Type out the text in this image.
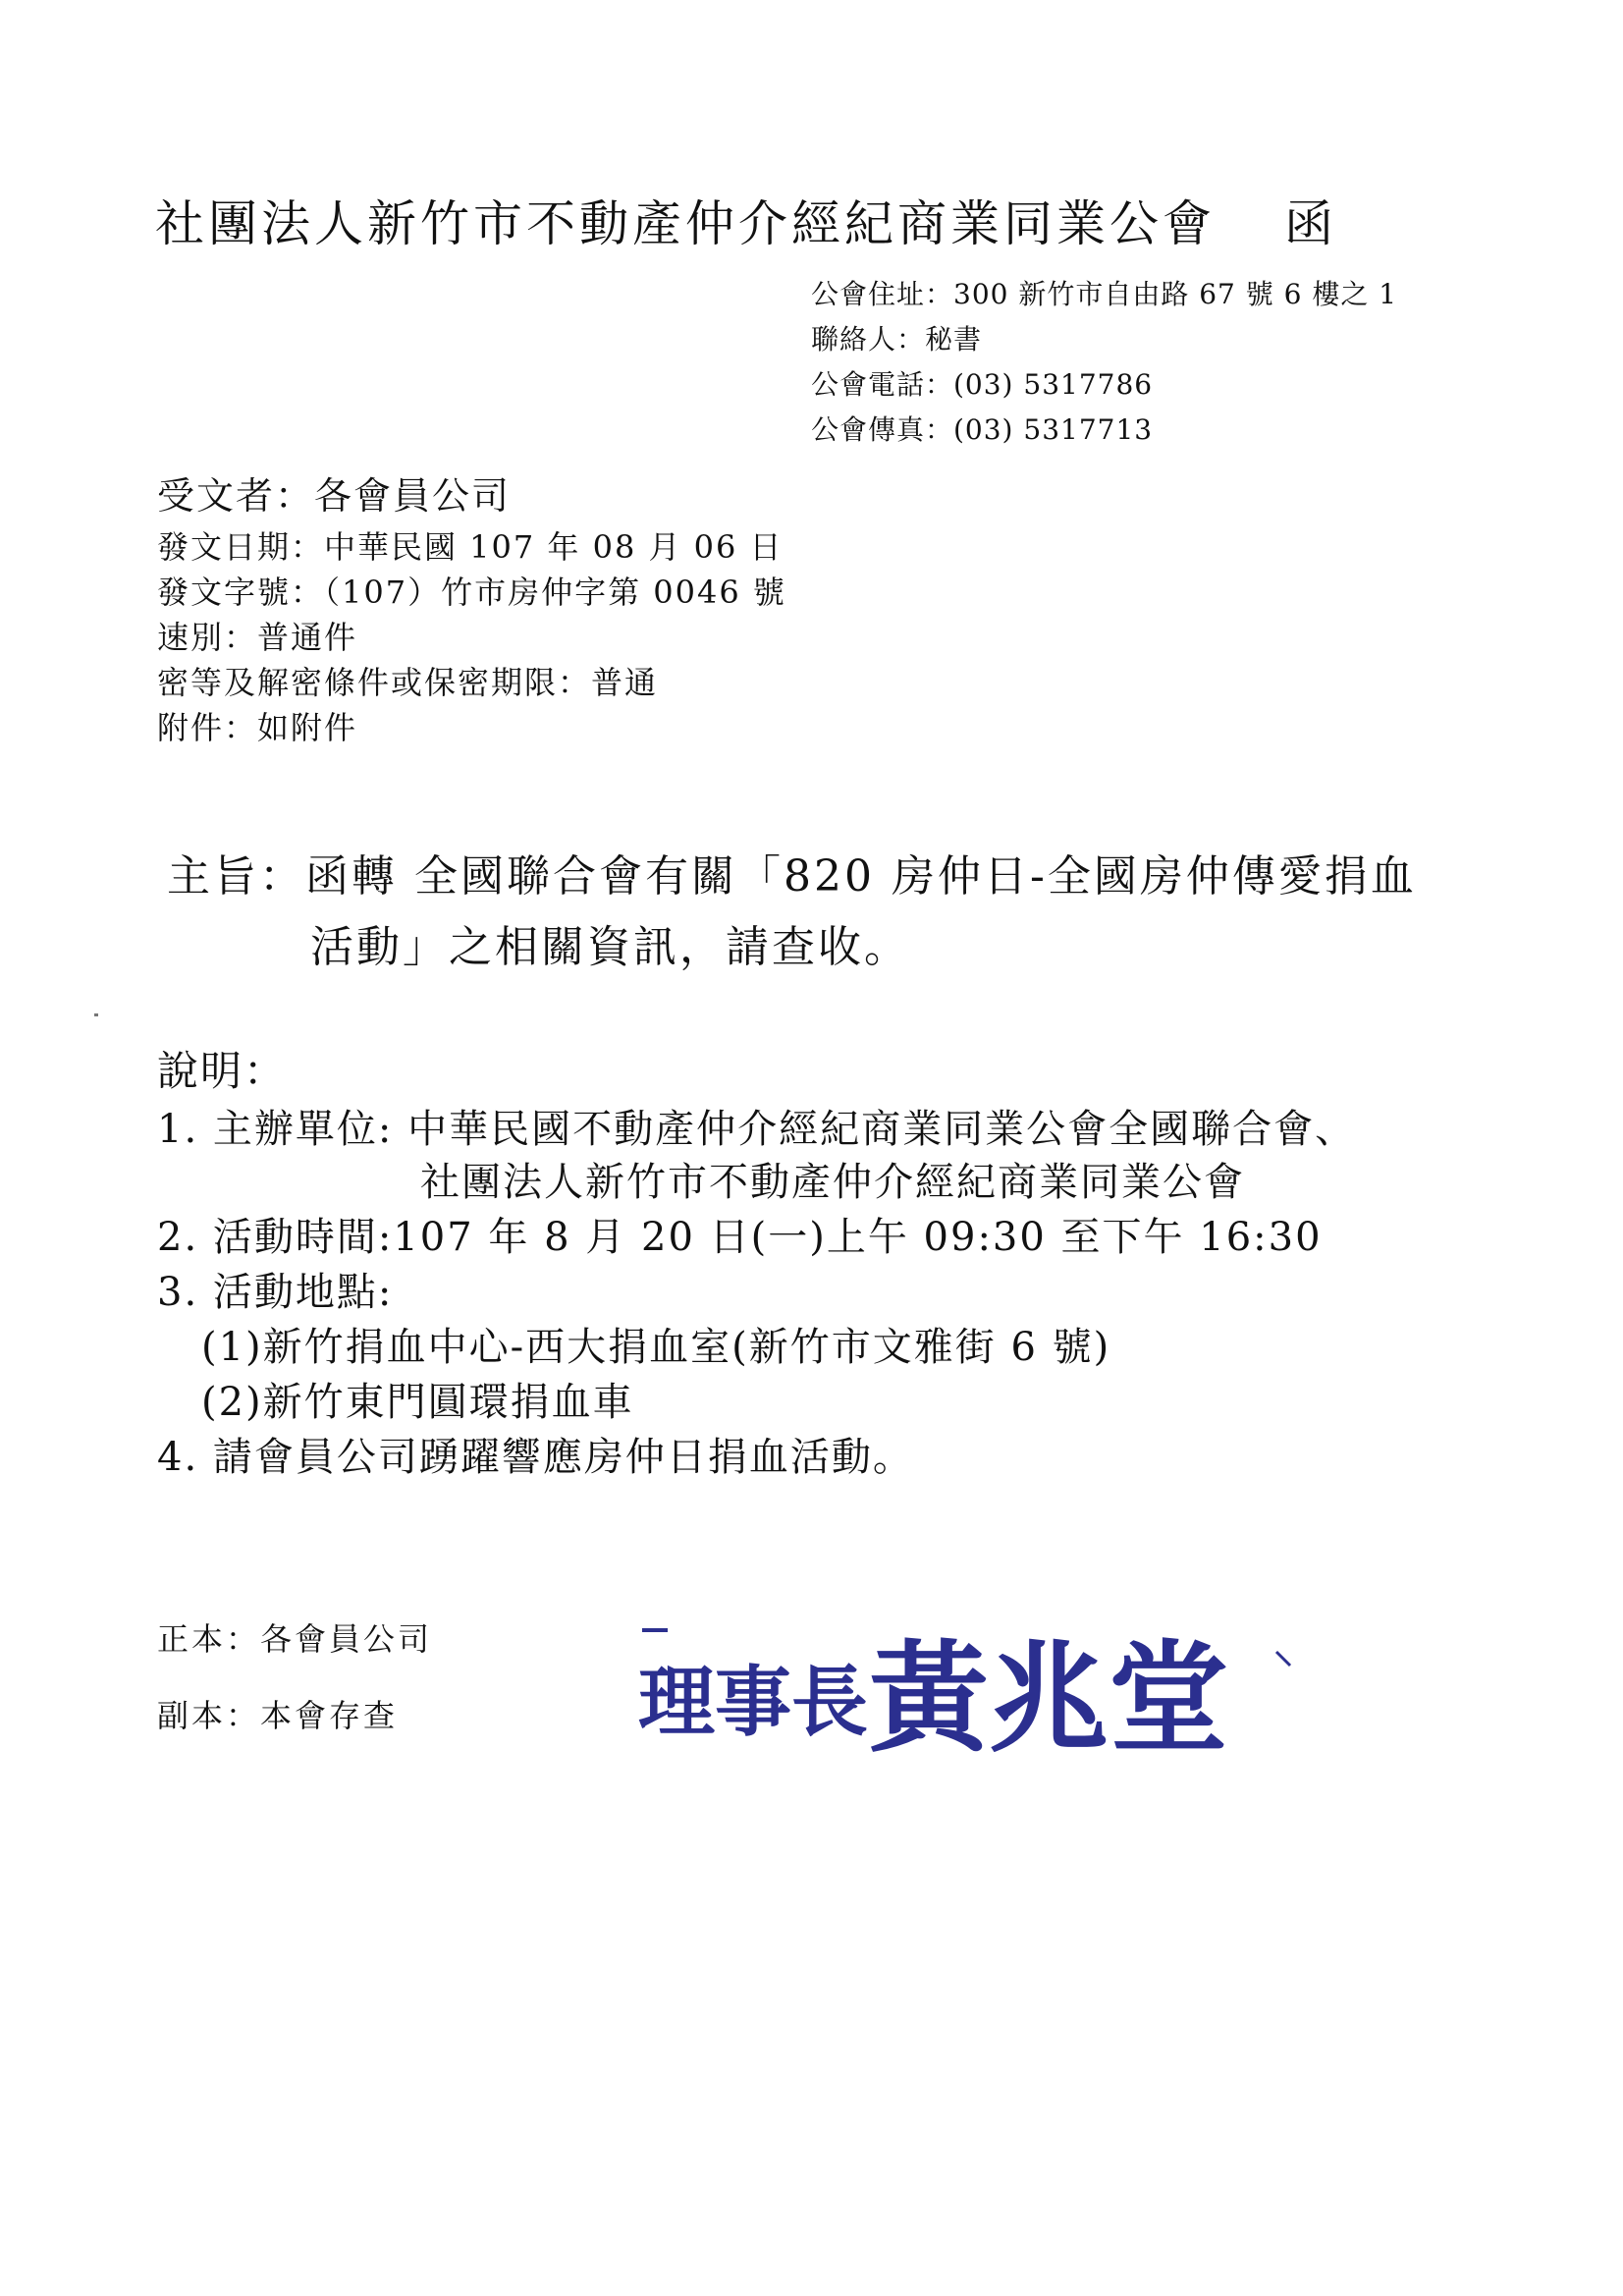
社團法人新竹市不動產仲介經紀商業同業公會 函
公會住址：300 新竹市自由路 67 號 6 樓之 1
聯絡人：秘書
公會電話：(03) 5317786
公會傳真：(03) 5317713
受文者：各會員公司
發文日期：中華民國 107 年 08 月 06 日
發文字號：（107）竹市房仲字第 0046 號
速別：普通件
密等及解密條件或保密期限：普通
附件：如附件
主旨：函轉 全國聯合會有關「820 房仲日-全國房仲傳愛捐血
活動」之相關資訊，請查收。
說明：
1. 主辦單位: 中華民國不動產仲介經紀商業同業公會全國聯合會、
社團法人新竹市不動產仲介經紀商業同業公會
2. 活動時間:107 年 8 月 20 日(一)上午 09:30 至下午 16:30
3. 活動地點:
(1)新竹捐血中心-西大捐血室(新竹市文雅街 6 號)
(2)新竹東門圓環捐血車
4. 請會員公司踴躍響應房仲日捐血活動。
正本：各會員公司
副本：本會存查	理事長 黃兆堂
